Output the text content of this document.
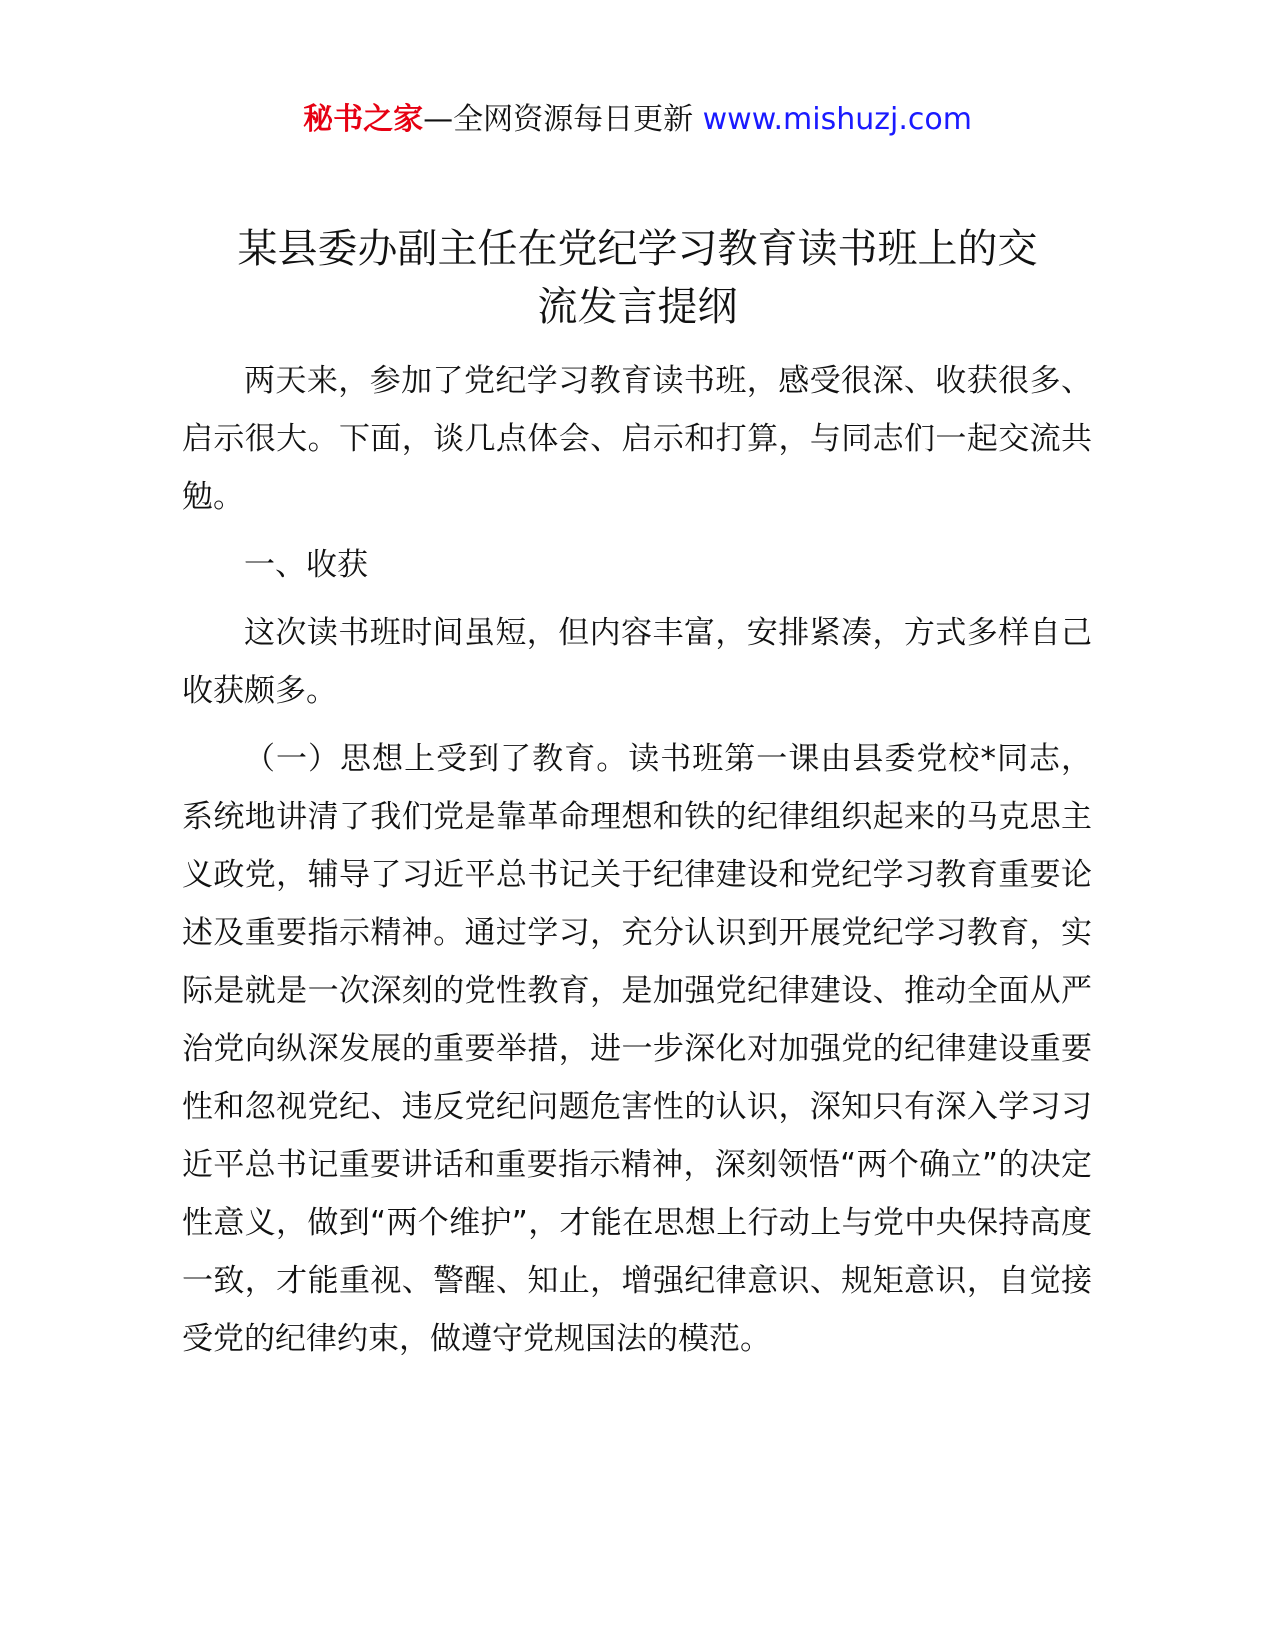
秘书之家—全网资源每日更新 www.mishuzj.com
某县委办副主任在党纪学习教育读书班上的交
流发言提纲

两天来，参加了党纪学习教育读书班，感受很深、收获很多、启示很大。下面，谈几点体会、启示和打算，与同志们一起交流共勉。

一、收获

这次读书班时间虽短，但内容丰富，安排紧凑，方式多样自己收获颇多。

（一）思想上受到了教育。读书班第一课由县委党校*同志，系统地讲清了我们党是靠革命理想和铁的纪律组织起来的马克思主义政党，辅导了习近平总书记关于纪律建设和党纪学习教育重要论述及重要指示精神。通过学习，充分认识到开展党纪学习教育，实际是就是一次深刻的党性教育，是加强党纪律建设、推动全面从严治党向纵深发展的重要举措，进一步深化对加强党的纪律建设重要性和忽视党纪、违反党纪问题危害性的认识，深知只有深入学习习近平总书记重要讲话和重要指示精神，深刻领悟“两个确立”的决定性意义，做到“两个维护”，才能在思想上行动上与党中央保持高度一致，才能重视、警醒、知止，增强纪律意识、规矩意识，自觉接受党的纪律约束，做遵守党规国法的模范。
